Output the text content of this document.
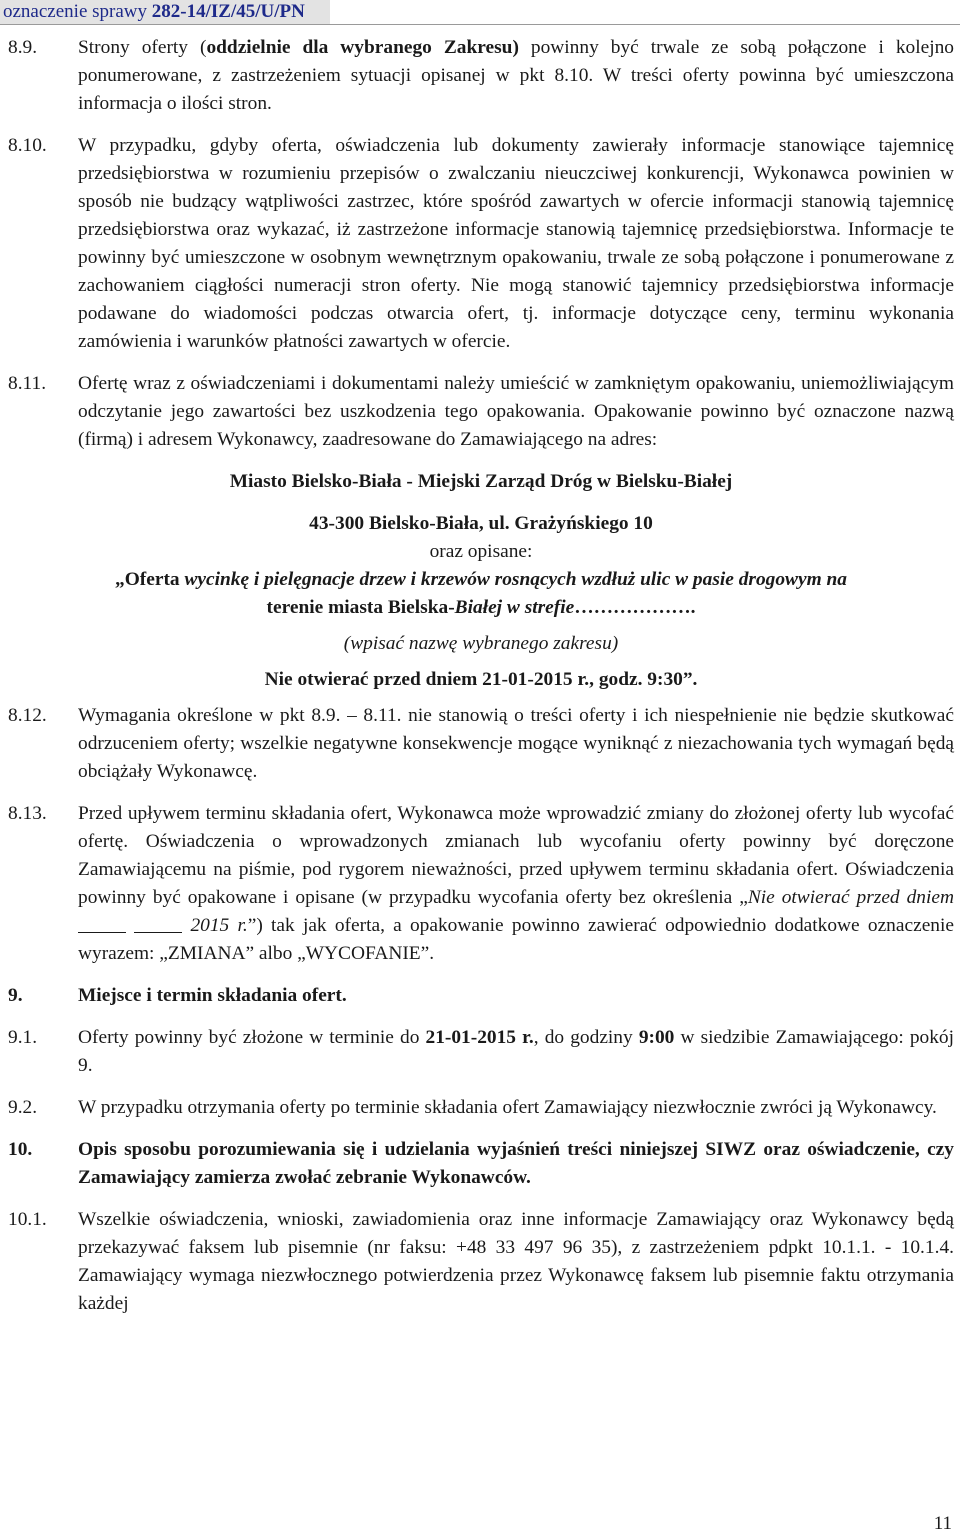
oznaczenie sprawy 282-14/IZ/45/U/PN
8.9. Strony oferty (oddzielnie dla wybranego Zakresu) powinny być trwale ze sobą połączone i kolejno ponumerowane, z zastrzeżeniem sytuacji opisanej w pkt 8.10. W treści oferty powinna być umieszczona informacja o ilości stron.
8.10. W przypadku, gdyby oferta, oświadczenia lub dokumenty zawierały informacje stanowiące tajemnicę przedsiębiorstwa w rozumieniu przepisów o zwalczaniu nieuczciwej konkurencji, Wykonawca powinien w sposób nie budzący wątpliwości zastrzec, które spośród zawartych w ofercie informacji stanowią tajemnicę przedsiębiorstwa oraz wykazać, iż zastrzeżone informacje stanowią tajemnicę przedsiębiorstwa. Informacje te powinny być umieszczone w osobnym wewnętrznym opakowaniu, trwale ze sobą połączone i ponumerowane z zachowaniem ciągłości numeracji stron oferty. Nie mogą stanowić tajemnicy przedsiębiorstwa informacje podawane do wiadomości podczas otwarcia ofert, tj. informacje dotyczące ceny, terminu wykonania zamówienia i warunków płatności zawartych w ofercie.
8.11. Ofertę wraz z oświadczeniami i dokumentami należy umieścić w zamkniętym opakowaniu, uniemożliwiającym odczytanie jego zawartości bez uszkodzenia tego opakowania. Opakowanie powinno być oznaczone nazwą (firmą) i adresem Wykonawcy, zaadresowane do Zamawiającego na adres:
Miasto Bielsko-Biała - Miejski Zarząd Dróg w Bielsku-Białej
43-300 Bielsko-Biała, ul. Grażyńskiego 10
oraz opisane:
„Oferta wycinkę i pielęgnacje drzew i krzewów rosnących wzdłuż ulic w pasie drogowym na
terenie miasta Bielska-Białej w strefie……………….
(wpisać nazwę wybranego zakresu)
Nie otwierać przed dniem 21-01-2015 r., godz. 9:30”.
8.12. Wymagania określone w pkt 8.9. – 8.11. nie stanowią o treści oferty i ich niespełnienie nie będzie skutkować odrzuceniem oferty; wszelkie negatywne konsekwencje mogące wyniknąć z niezachowania tych wymagań będą obciążały Wykonawcę.
8.13. Przed upływem terminu składania ofert, Wykonawca może wprowadzić zmiany do złożonej oferty lub wycofać ofertę. Oświadczenia o wprowadzonych zmianach lub wycofaniu oferty powinny być doręczone Zamawiającemu na piśmie, pod rygorem nieważności, przed upływem terminu składania ofert. Oświadczenia powinny być opakowane i opisane (w przypadku wycofania oferty bez określenia „Nie otwierać przed dniem   2015 r.”) tak jak oferta, a opakowanie powinno zawierać odpowiednio dodatkowe oznaczenie wyrazem: „ZMIANA” albo „WYCOFANIE”.
9.	Miejsce i termin składania ofert.
9.1. Oferty powinny być złożone w terminie do 21-01-2015 r., do godziny 9:00 w siedzibie Zamawiającego: pokój 9.
9.2. W przypadku otrzymania oferty po terminie składania ofert Zamawiający niezwłocznie zwróci ją Wykonawcy.
10. Opis sposobu porozumiewania się i udzielania wyjaśnień treści niniejszej SIWZ oraz oświadczenie, czy Zamawiający zamierza zwołać zebranie Wykonawców.
10.1. Wszelkie oświadczenia, wnioski, zawiadomienia oraz inne informacje Zamawiający oraz Wykonawcy będą przekazywać faksem lub pisemnie (nr faksu: +48 33 497 96 35), z zastrzeżeniem pdpkt 10.1.1. - 10.1.4. Zamawiający wymaga niezwłocznego potwierdzenia przez Wykonawcę faksem lub pisemnie faktu otrzymania każdej
11
